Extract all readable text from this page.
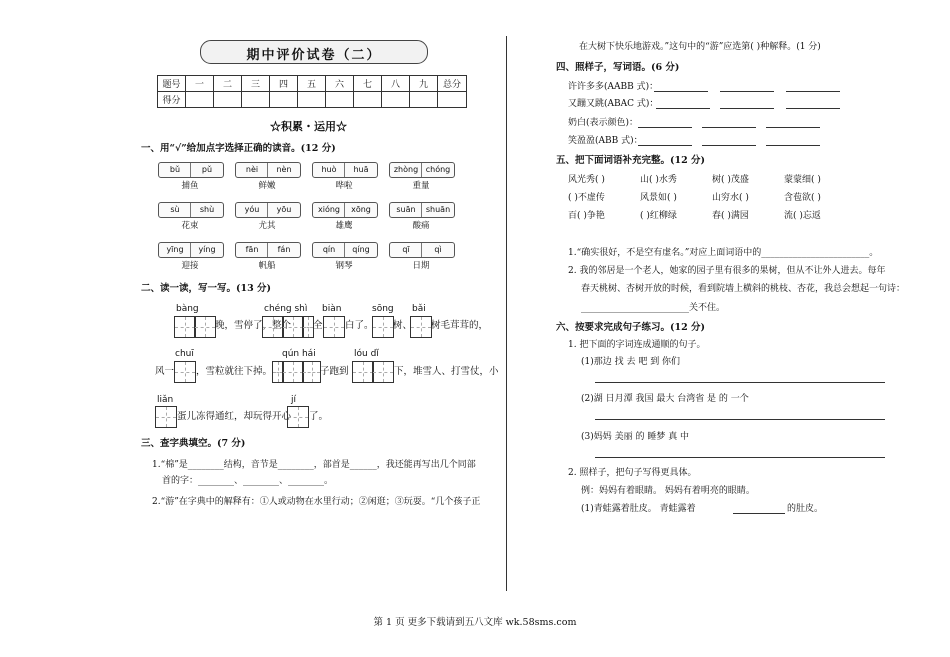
期中评价试卷（二）
题号	一	二	三	四	五	六	七	八	九	总分
得分										
☆积累・运用☆
一、用“√”给加点字选择正确的读音。(12 分)
bǔ	pǔ
捕鱼
nèi	nèn
鲜嫩
huò	huā
哗啦
zhòng chóng
重量
sù	shù
花束
yóu	yōu
尤其
xióng	xōng
雄鹰
suān	shuān
酸痛
yīng	yíng
迎接
fān	fán
帆船
qín	qíng
钢琴
qī	qì
日期
二、读一读，写一写。(13 分)
bàng	chéng shì biàn	sōng bǎi
晚，雪停了，整个 全 白了。 树、 树毛茸茸的，
chuī	qún hái	lóu dǐ
风一 ，雪粒就往下掉。	子跑到	下，堆雪人、打雪仗，小
liǎn	jí
蛋儿冻得通红，却玩得开心 了。
三、查字典填空。(7 分)
1.“棉”是________结构，音节是________，部首是______，我还能再写出几个同部
首的字：________、________、________。
2.“游”在字典中的解释有：①人或动物在水里行动；②闲逛；③玩耍。“几个孩子正
在大树下快乐地游戏。”这句中的“游”应选第( )种解释。(1 分)
四、照样子，写词语。(6 分)
许许多多(AABB 式)：
又蹦又跳(ABAC 式)：
奶白(表示颜色)：
笑盈盈(ABB 式)：
五、把下面词语补充完整。(12 分)
风光秀( )	山( )水秀	树( )茂盛	蒙蒙细( )
( )不虚传	风景如( )	山穷水( )	含苞欲( )
百( )争艳	( )红柳绿	春( )满园	流( )忘返
1.“确实很好，不是空有虚名。”对应上面词语中的________________________。
2. 我的邻居是一个老人，她家的园子里有很多的果树，但从不让外人进去。每年
春天桃树、杏树开放的时候，看到院墙上横斜的桃枝、杏花，我总会想起一句诗：
________________________关不住。
六、按要求完成句子练习。(12 分)
1. 把下面的字词连成通顺的句子。
(1)那边 找 去 吧 到 你们
(2)湖 日月潭 我国 最大 台湾省 是 的 一个
(3)妈妈 美丽 的 睡梦 真 中
2. 照样子，把句子写得更具体。
例：妈妈有着眼睛。 妈妈有着明亮的眼睛。
(1)青蛙露着肚皮。 青蛙露着	的肚皮。
第 1 页 更多下载请到五八文库 wk.58sms.com
